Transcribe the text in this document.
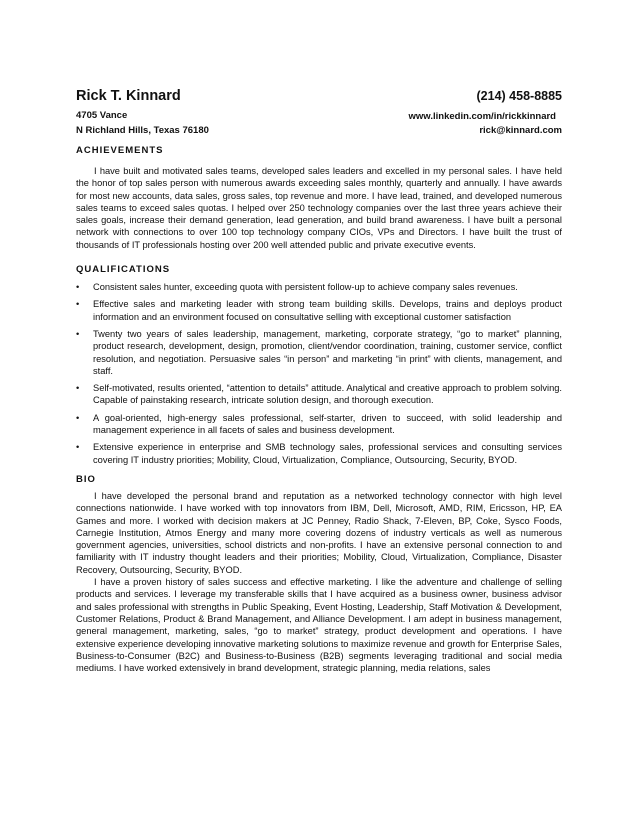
Rick T. Kinnard	(214) 458-8885
4705 Vance
N Richland Hills, Texas 76180
www.linkedin.com/in/rickkinnard
rick@kinnard.com
ACHIEVEMENTS

I have built and motivated sales teams, developed sales leaders and excelled in my personal sales. I have held the honor of top sales person with numerous awards exceeding sales monthly, quarterly and annually. I have awards for most new accounts, data sales, gross sales, top revenue and more. I have lead, trained, and developed numerous sales teams to exceed sales quotas. I helped over 250 technology companies over the last three years achieve their sales goals, increase their demand generation, lead generation, and build brand awareness. I have built a personal network with connections to over 100 top technology company CIOs, VPs and Directors. I have built the trust of thousands of IT professionals hosting over 200 well attended public and private executive events.

QUALIFICATIONS
• Consistent sales hunter, exceeding quota with persistent follow-up to achieve company sales revenues.
• Effective sales and marketing leader with strong team building skills. Develops, trains and deploys product information and an environment focused on consultative selling with exceptional customer satisfaction
• Twenty two years of sales leadership, management, marketing, corporate strategy, “go to market” planning, product research, development, design, promotion, client/vendor coordination, training, customer service, conflict resolution, and negotiation. Persuasive sales “in person” and marketing “in print” with clients, management, and staff.
• Self-motivated, results oriented, “attention to details” attitude. Analytical and creative approach to problem solving. Capable of painstaking research, intricate solution design, and thorough execution.
• A goal-oriented, high-energy sales professional, self-starter, driven to succeed, with solid leadership and management experience in all facets of sales and business development.
• Extensive experience in enterprise and SMB technology sales, professional services and consulting services covering IT industry priorities; Mobility, Cloud, Virtualization, Compliance, Outsourcing, Security, BYOD.
BIO

I have developed the personal brand and reputation as a networked technology connector with high level connections nationwide. I have worked with top innovators from IBM, Dell, Microsoft, AMD, RIM, Ericsson, HP, EA Games and more. I worked with decision makers at JC Penney, Radio Shack, 7-Eleven, BP, Coke, Sysco Foods, Carnegie Institution, Atmos Energy and many more covering dozens of industry verticals as well as numerous government agencies, universities, school districts and non-profits. I have an extensive personal connection to and familiarity with IT industry thought leaders and their priorities; Mobility, Cloud, Virtualization, Compliance, Disaster Recovery, Outsourcing, Security, BYOD.

I have a proven history of sales success and effective marketing. I like the adventure and challenge of selling products and services. I leverage my transferable skills that I have acquired as a business owner, business advisor and sales professional with strengths in Public Speaking, Event Hosting, Leadership, Staff Motivation & Development, Customer Relations, Product & Brand Management, and Alliance Development. I am adept in business management, general management, marketing, sales, “go to market” strategy, product development and operations. I have extensive experience developing innovative marketing solutions to maximize revenue and growth for Enterprise Sales, Business-to-Consumer (B2C) and Business-to-Business (B2B) segments leveraging traditional and social media mediums. I have worked extensively in brand development, strategic planning, media relations, sales
